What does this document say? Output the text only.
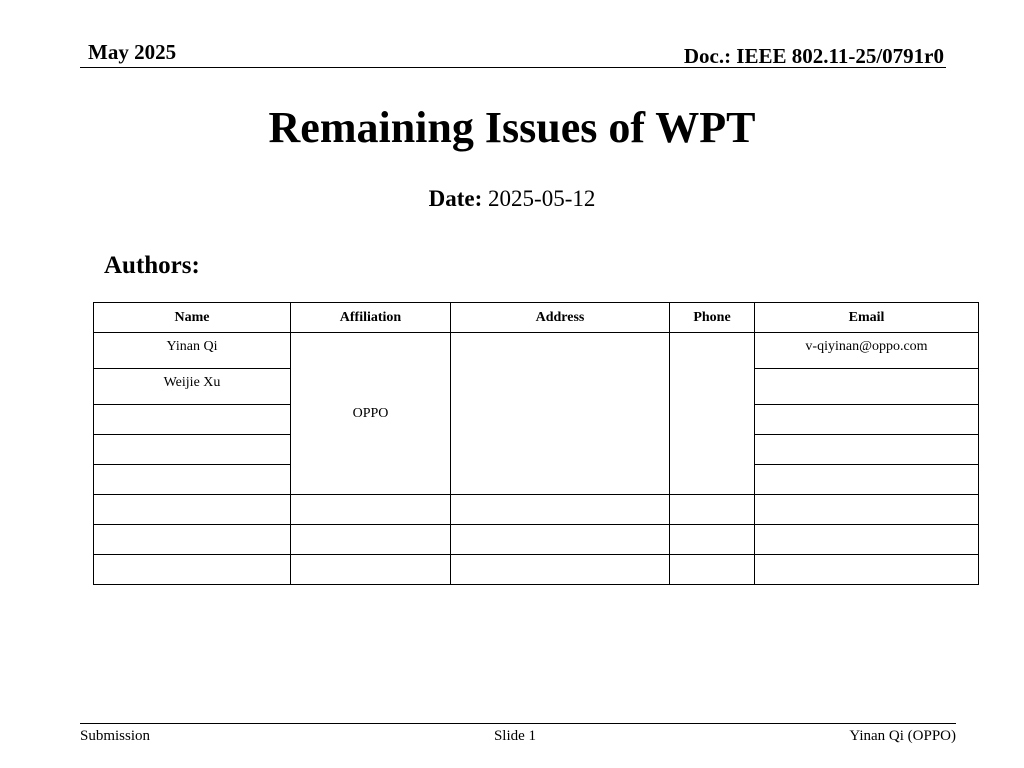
May 2025	Doc.: IEEE 802.11-25/0791r0
Remaining Issues of WPT
Date: 2025-05-12
Authors:
Name	Affiliation	Address	Phone	Email
Yinan Qi	OPPO			v-qiyinan@oppo.com
Weijie Xu				

Submission	Slide 1	Yinan Qi (OPPO)
